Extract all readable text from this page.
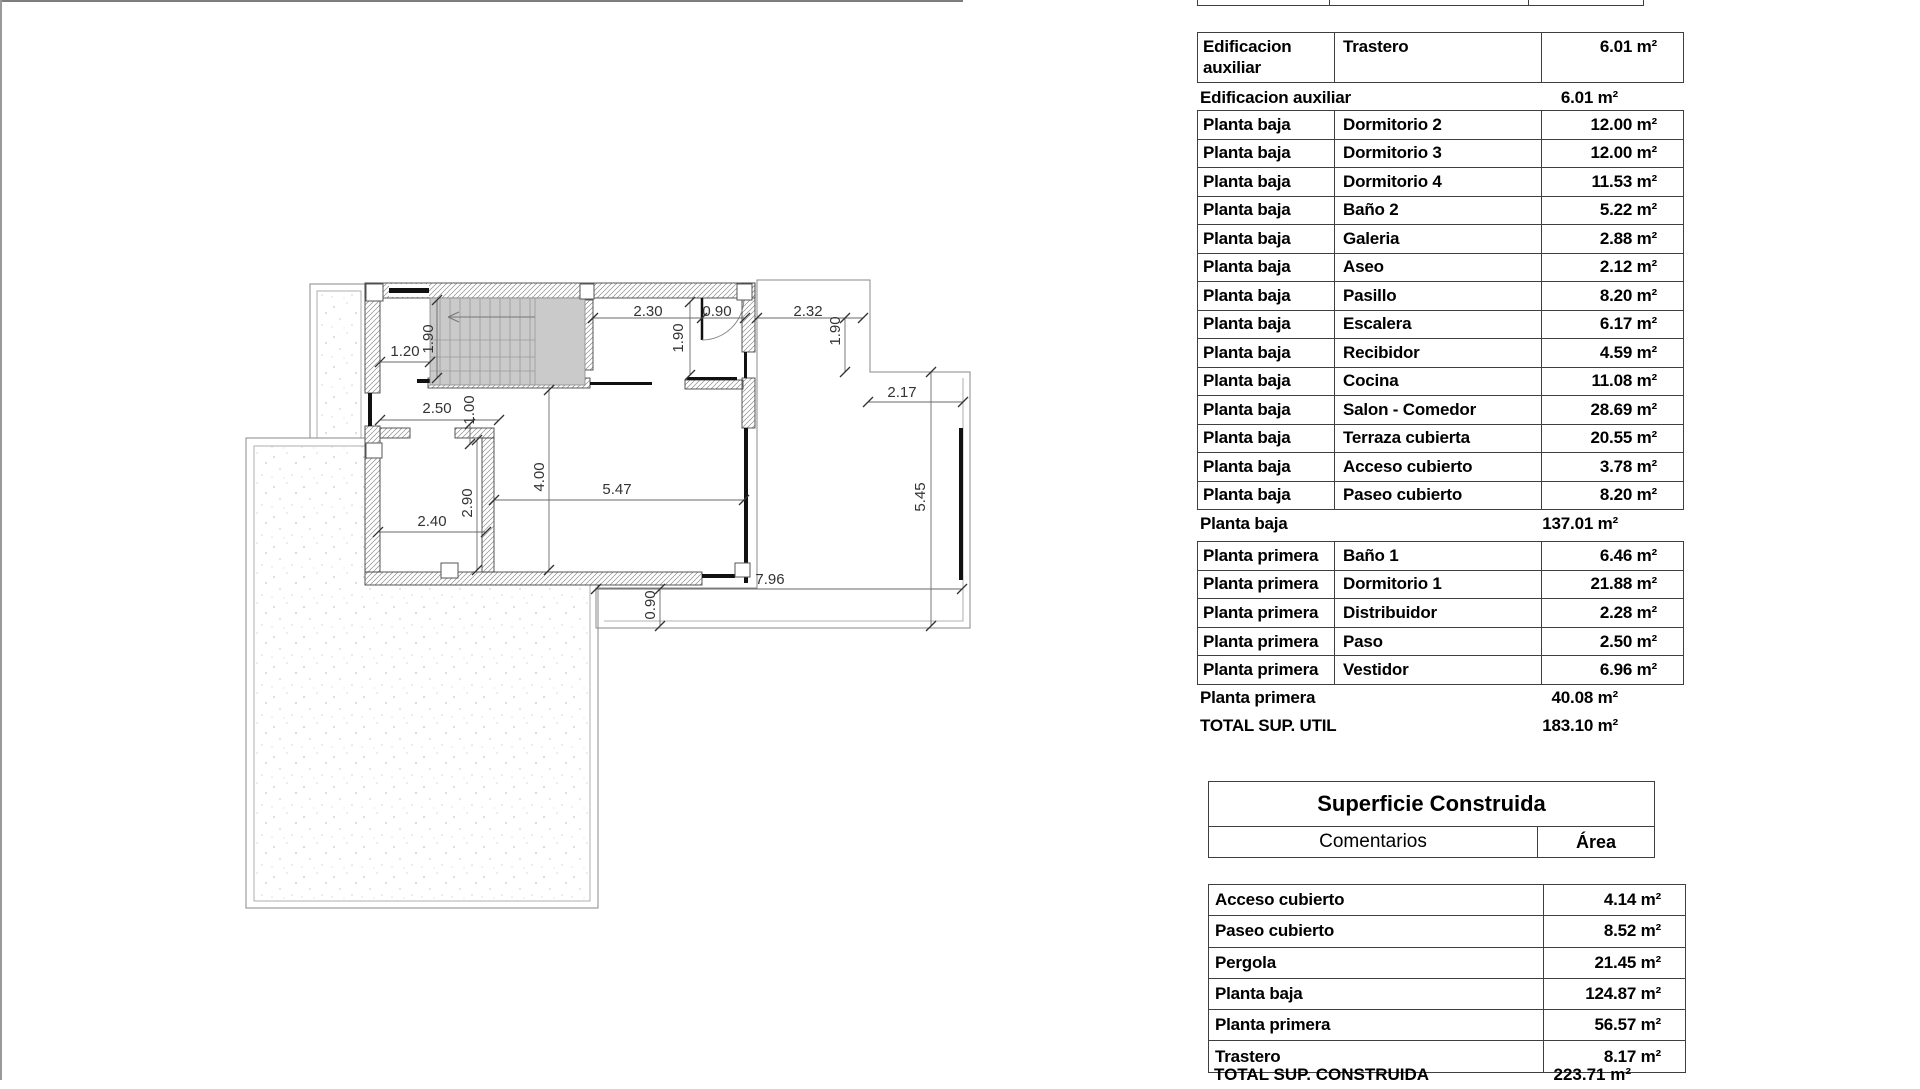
2.30	0.90	2.32
1.20 1.90	1.90	1.90
2.17
2.50 1.00
4.00	5.47
2.90
2.40
5.45
7.96
0.90
Edificacion auxiliar	Trastero	6.01 m²
Edificacion auxiliar	6.01 m²
Planta baja	Dormitorio 2	12.00 m²
Planta baja	Dormitorio 3	12.00 m²
Planta baja	Dormitorio 4	11.53 m²
Planta baja	Baño 2	5.22 m²
Planta baja	Galeria	2.88 m²
Planta baja	Aseo	2.12 m²
Planta baja	Pasillo	8.20 m²
Planta baja	Escalera	6.17 m²
Planta baja	Recibidor	4.59 m²
Planta baja	Cocina	11.08 m²
Planta baja	Salon - Comedor	28.69 m²
Planta baja	Terraza cubierta	20.55 m²
Planta baja	Acceso cubierto	3.78 m²
Planta baja	Paseo cubierto	8.20 m²
Planta baja	137.01 m²
Planta primera	Baño 1	6.46 m²
Planta primera	Dormitorio 1	21.88 m²
Planta primera	Distribuidor	2.28 m²
Planta primera	Paso	2.50 m²
Planta primera	Vestidor	6.96 m²
Planta primera	40.08 m²
TOTAL SUP. UTIL	183.10 m²
Superficie Construida
Comentarios	Área
Acceso cubierto	4.14 m²
Paseo cubierto	8.52 m²
Pergola	21.45 m²
Planta baja	124.87 m²
Planta primera	56.57 m²
Trastero	8.17 m²
TOTAL SUP. CONSTRUIDA	223.71 m²
